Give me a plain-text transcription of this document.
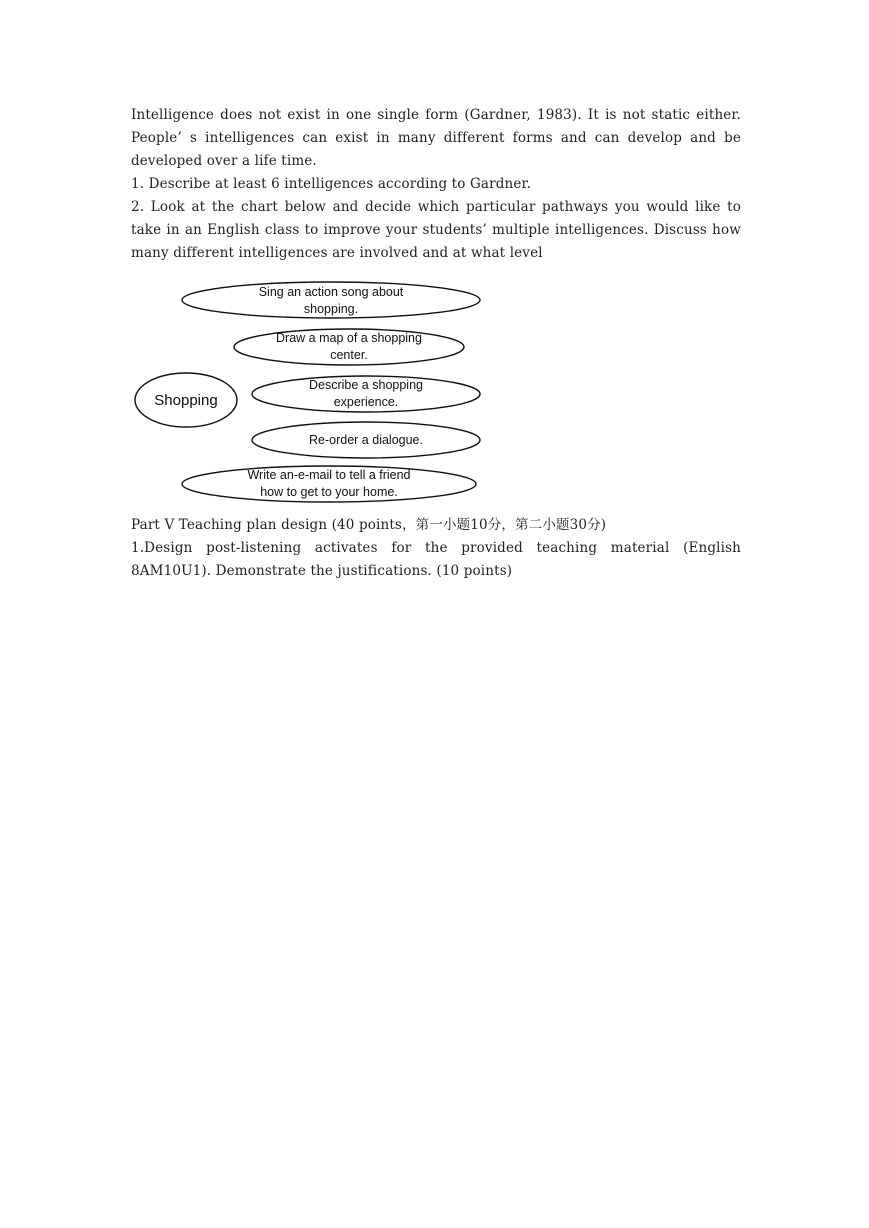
Intelligence does not exist in one single form (Gardner, 1983). It is not static either. People’ s intelligences can exist in many different forms and can develop and be developed over a life time.

1. Describe at least 6 intelligences according to Gardner.

2. Look at the chart below and decide which particular pathways you would like to take in an English class to improve your students’ multiple intelligences. Discuss how many different intelligences are involved and at what level

Shopping
Sing an action song about
shopping.
Draw a map of a shopping
center.
Describe a shopping
experience.
Re-order a dialogue.
Write an-e-mail to tell a friend
how to get to your home.

Part V Teaching plan design (40 points，第一小题10分，第二小题30分)

1.Design post-listening activates for the provided teaching material (English 8AM10U1). Demonstrate the justifications. (10 points)
